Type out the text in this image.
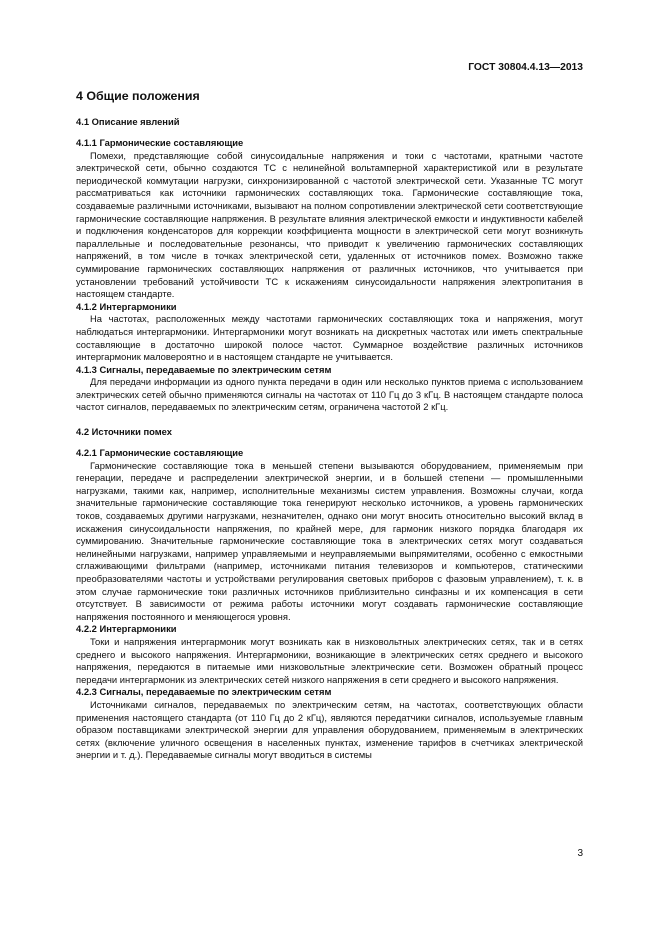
ГОСТ 30804.4.13—2013
4 Общие положения
4.1 Описание явлений
4.1.1 Гармонические составляющие

Помехи, представляющие собой синусоидальные напряжения и токи с частотами, кратными частоте электрической сети, обычно создаются ТС с нелинейной вольтамперной характеристикой или в результате периодической коммутации нагрузки, синхронизированной с частотой электрической сети. Указанные ТС могут рассматриваться как источники гармонических составляющих тока. Гармонические составляющие тока, создаваемые различными источниками, вызывают на полном сопротивлении электрической сети соответствующие гармонические составляющие напряжения. В результате влияния электрической емкости и индуктивности кабелей и подключения конденсаторов для коррекции коэффициента мощности в электрической сети могут возникнуть параллельные и последовательные резонансы, что приводит к увеличению гармонических составляющих напряжений, в том числе в точках электрической сети, удаленных от источников помех. Возможно также суммирование гармонических составляющих напряжения от различных источников, что учитывается при установлении требований устойчивости ТС к искажениям синусоидальности напряжения электропитания в настоящем стандарте.

4.1.2 Интергармоники

На частотах, расположенных между частотами гармонических составляющих тока и напряжения, могут наблюдаться интергармоники. Интергармоники могут возникать на дискретных частотах или иметь спектральные составляющие в достаточно широкой полосе частот. Суммарное воздействие различных источников интергармоник маловероятно и в настоящем стандарте не учитывается.

4.1.3 Сигналы, передаваемые по электрическим сетям

Для передачи информации из одного пункта передачи в один или несколько пунктов приема с использованием электрических сетей обычно применяются сигналы на частотах от 110 Гц до 3 кГц. В настоящем стандарте полоса частот сигналов, передаваемых по электрическим сетям, ограничена частотой 2 кГц.

4.2 Источники помех
4.2.1 Гармонические составляющие

Гармонические составляющие тока в меньшей степени вызываются оборудованием, применяемым при генерации, передаче и распределении электрической энергии, и в большей степени — промышленными нагрузками, такими как, например, исполнительные механизмы систем управления. Возможны случаи, когда значительные гармонические составляющие тока генерируют несколько источников, а уровень гармонических токов, создаваемых другими нагрузками, незначителен, однако они могут вносить относительно высокий вклад в искажения синусоидальности напряжения, по крайней мере, для гармоник низкого порядка благодаря их суммированию. Значительные гармонические составляющие тока в электрических сетях могут создаваться нелинейными нагрузками, например управляемыми и неуправляемыми выпрямителями, особенно с емкостными сглаживающими фильтрами (например, источниками питания телевизоров и компьютеров, статическими преобразователями частоты и устройствами регулирования световых приборов с фазовым управлением), т. к. в этом случае гармонические токи различных источников приблизительно синфазны и их компенсация в сети отсутствует. В зависимости от режима работы источники могут создавать гармонические составляющие напряжения постоянного и меняющегося уровня.

4.2.2 Интергармоники

Токи и напряжения интергармоник могут возникать как в низковольтных электрических сетях, так и в сетях среднего и высокого напряжения. Интергармоники, возникающие в электрических сетях среднего и высокого напряжения, передаются в питаемые ими низковольтные электрические сети. Возможен обратный процесс передачи интергармоник из электрических сетей низкого напряжения в сети среднего и высокого напряжения.

4.2.3 Сигналы, передаваемые по электрическим сетям

Источниками сигналов, передаваемых по электрическим сетям, на частотах, соответствующих области применения настоящего стандарта (от 110 Гц до 2 кГц), являются передатчики сигналов, используемые главным образом поставщиками электрической энергии для управления оборудованием, применяемым в электрических сетях (включение уличного освещения в населенных пунктах, изменение тарифов в счетчиках электрической энергии и т. д.). Передаваемые сигналы могут вводиться в системы

3
